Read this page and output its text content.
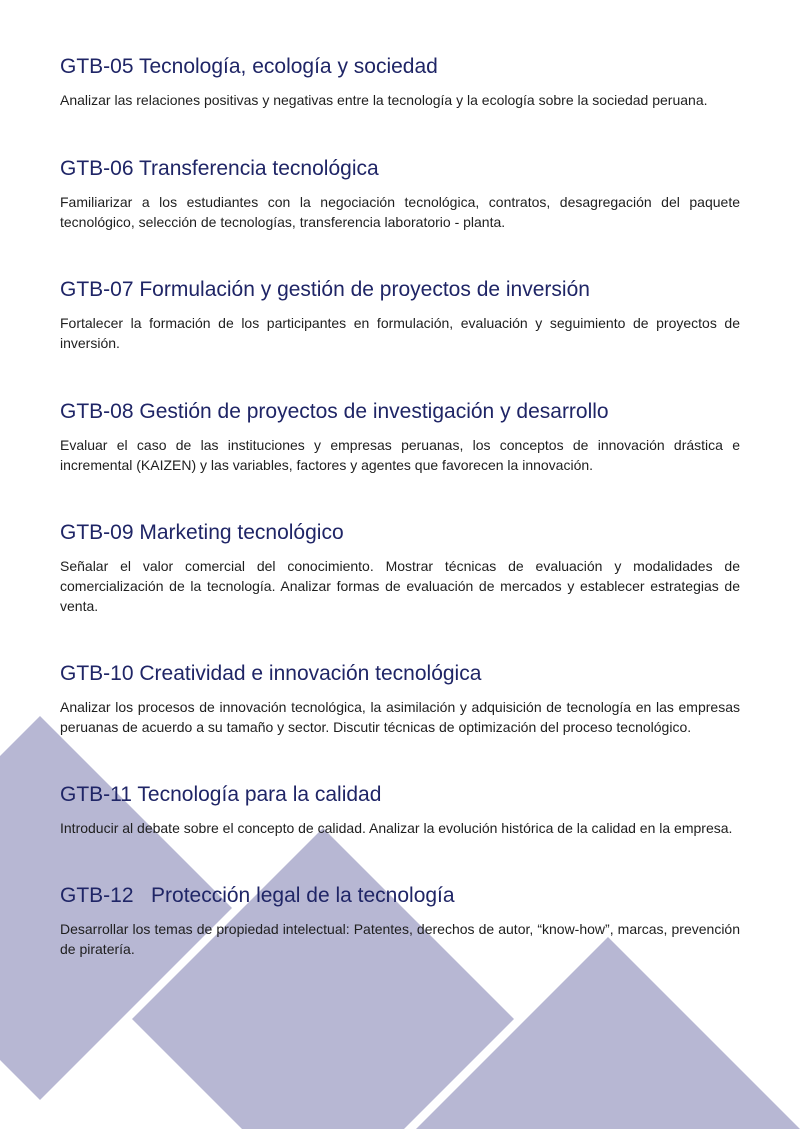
GTB-05 Tecnología, ecología y sociedad

Analizar las relaciones positivas y negativas entre la tecnología y la ecología sobre la sociedad peruana.

GTB-06 Transferencia tecnológica

Familiarizar a los estudiantes con la negociación tecnológica, contratos, desagregación del paquete tecnológico, selección de tecnologías, transferencia laboratorio - planta.

GTB-07 Formulación y gestión de proyectos de inversión

Fortalecer la formación de los participantes en formulación, evaluación y seguimiento de proyectos de inversión.

GTB-08 Gestión de proyectos de investigación y desarrollo

Evaluar el caso de las instituciones y empresas peruanas, los conceptos de innovación drástica e incremental (KAIZEN) y las variables, factores y agentes que favorecen la innovación.

GTB-09 Marketing tecnológico

Señalar el valor comercial del conocimiento. Mostrar técnicas de evaluación y modalidades de comercialización de la tecnología. Analizar formas de evaluación de mercados y establecer estrategias de venta.

GTB-10 Creatividad e innovación tecnológica

Analizar los procesos de innovación tecnológica, la asimilación y adquisición de tecnología en las empresas peruanas de acuerdo a su tamaño y sector. Discutir técnicas de optimización del proceso tecnológico.

GTB-11 Tecnología para la calidad

Introducir al debate sobre el concepto de calidad. Analizar la evolución histórica de la calidad en la empresa.

GTB-12   Protección legal de la tecnología

Desarrollar los temas de propiedad intelectual: Patentes, derechos de autor, “know-how”, marcas, prevención de piratería.
